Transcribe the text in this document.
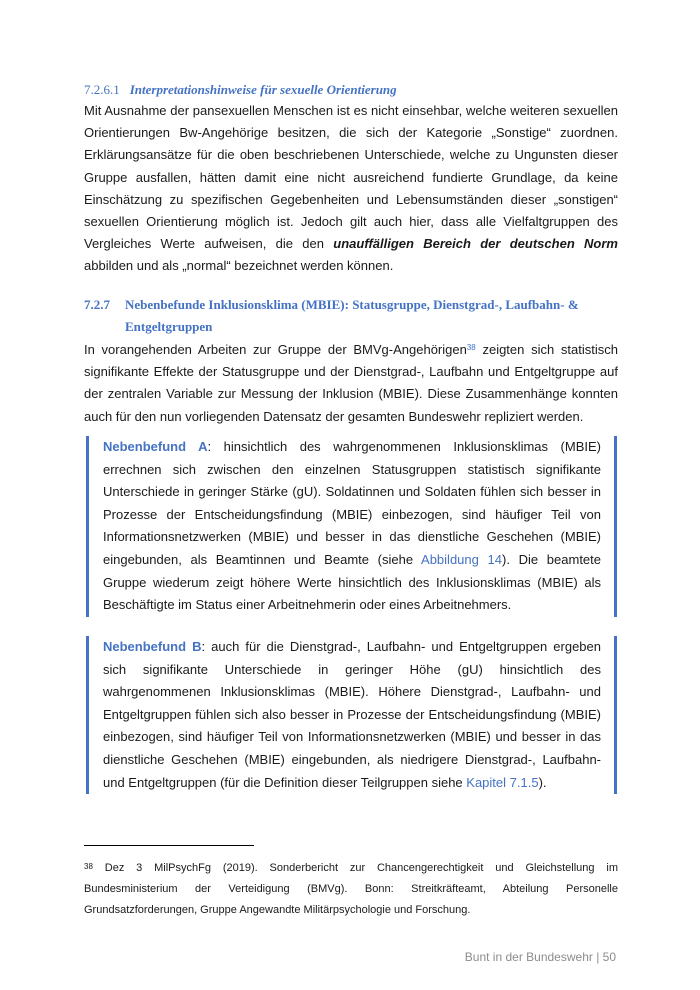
7.2.6.1 Interpretationshinweise für sexuelle Orientierung

Mit Ausnahme der pansexuellen Menschen ist es nicht einsehbar, welche weiteren sexuellen Orientierungen Bw-Angehörige besitzen, die sich der Kategorie „Sonstige“ zuordnen. Erklärungsansätze für die oben beschriebenen Unterschiede, welche zu Ungunsten dieser Gruppe ausfallen, hätten damit eine nicht ausreichend fundierte Grundlage, da keine Einschätzung zu spezifischen Gegebenheiten und Lebensumständen dieser „sonstigen“ sexuellen Orientierung möglich ist. Jedoch gilt auch hier, dass alle Vielfaltgruppen des Vergleiches Werte aufweisen, die den unauffälligen Bereich der deutschen Norm abbilden und als „normal“ bezeichnet werden können.

7.2.7 Nebenbefunde Inklusionsklima (MBIE): Statusgruppe, Dienstgrad-, Laufbahn- &
Entgeltgruppen

In vorangehenden Arbeiten zur Gruppe der BMVg-Angehörigen$^{38}$ zeigten sich statistisch signifikante Effekte der Statusgruppe und der Dienstgrad-, Laufbahn und Entgeltgruppe auf der zentralen Variable zur Messung der Inklusion (MBIE). Diese Zusammenhänge konnten auch für den nun vorliegenden Datensatz der gesamten Bundeswehr repliziert werden.

Nebenbefund A: hinsichtlich des wahrgenommenen Inklusionsklimas (MBIE) errechnen sich zwischen den einzelnen Statusgruppen statistisch signifikante Unterschiede in geringer Stärke (gU). Soldatinnen und Soldaten fühlen sich besser in Prozesse der Entscheidungsfindung (MBIE) einbezogen, sind häufiger Teil von Informationsnetzwerken (MBIE) und besser in das dienstliche Geschehen (MBIE) eingebunden, als Beamtinnen und Beamte (siehe Abbildung 14). Die beamtete Gruppe wiederum zeigt höhere Werte hinsichtlich des Inklusionsklimas (MBIE) als Beschäftigte im Status einer Arbeitnehmerin oder eines Arbeitnehmers.

Nebenbefund B: auch für die Dienstgrad-, Laufbahn- und Entgeltgruppen ergeben sich signifikante Unterschiede in geringer Höhe (gU) hinsichtlich des wahrgenommenen Inklusionsklimas (MBIE). Höhere Dienstgrad-, Laufbahn- und Entgeltgruppen fühlen sich also besser in Prozesse der Entscheidungsfindung (MBIE) einbezogen, sind häufiger Teil von Informationsnetzwerken (MBIE) und besser in das dienstliche Geschehen (MBIE) eingebunden, als niedrigere Dienstgrad-, Laufbahn- und Entgeltgruppen (für die Definition dieser Teilgruppen siehe Kapitel 7.1.5).

$^{38}$ Dez 3 MilPsychFg (2019). Sonderbericht zur Chancengerechtigkeit und Gleichstellung im Bundesministerium der Verteidigung (BMVg). Bonn: Streitkräfteamt, Abteilung Personelle Grundsatzforderungen, Gruppe Angewandte Militärpsychologie und Forschung.
Bunt in der Bundeswehr | 50
